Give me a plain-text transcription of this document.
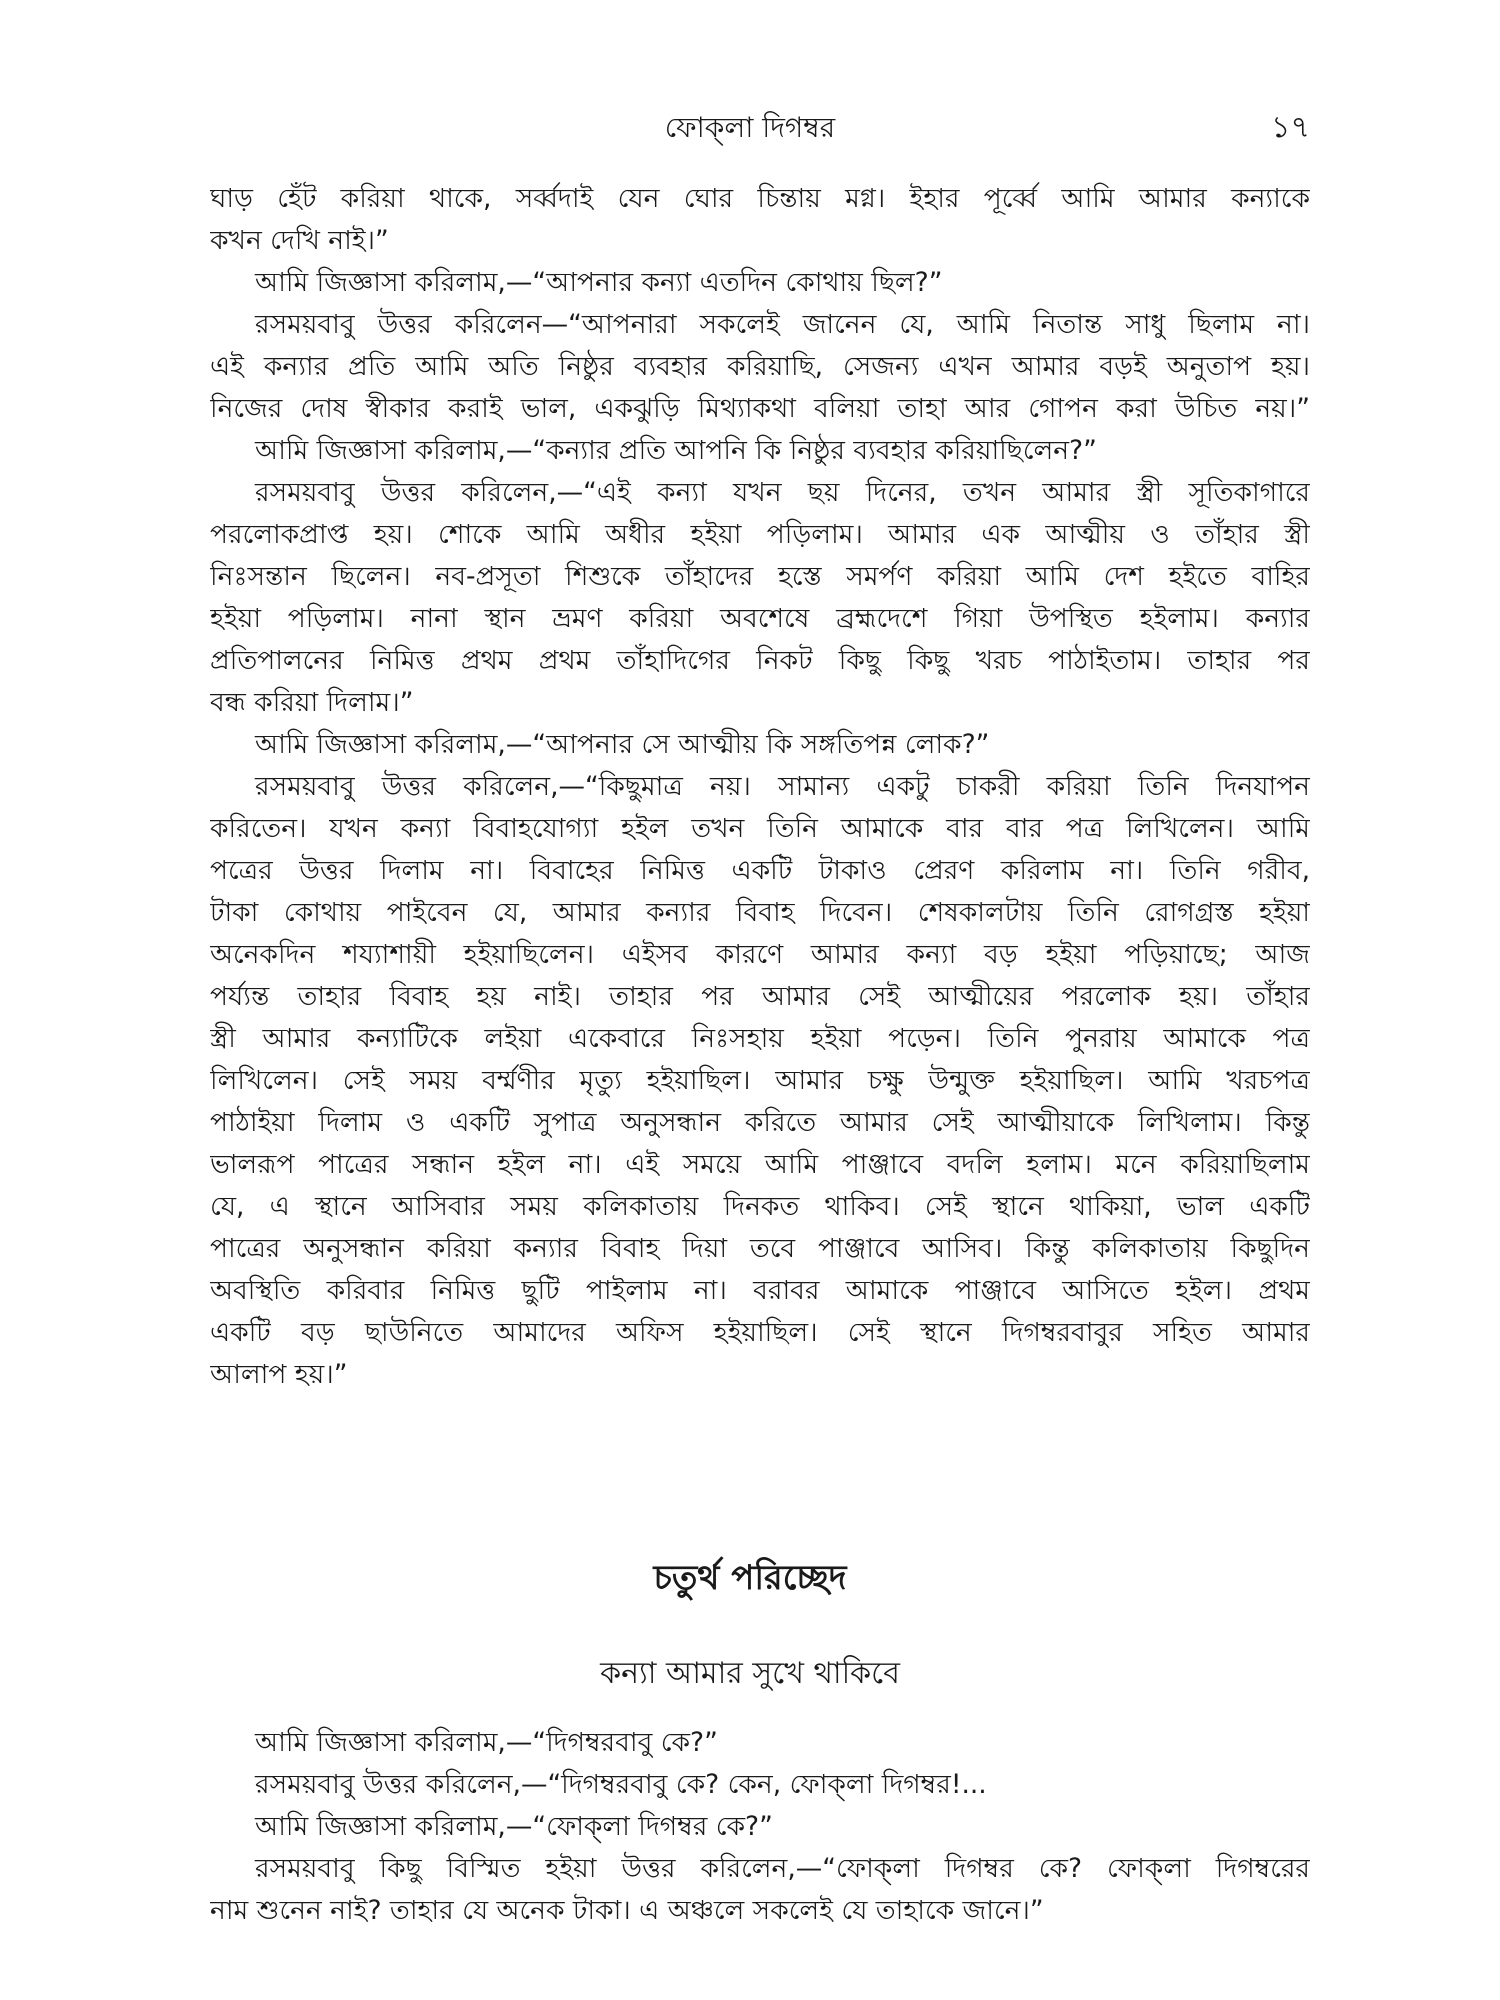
ফোক্‌লা দিগম্বর	১৭
ঘাড় হেঁট করিয়া থাকে, সর্ব্বদাই যেন ঘোর চিন্তায় মগ্ন। ইহার পূর্ব্বে আমি আমার কন্যাকে
কখন দেখি নাই।”
আমি জিজ্ঞাসা করিলাম,—“আপনার কন্যা এতদিন কোথায় ছিল?”
রসময়বাবু উত্তর করিলেন—“আপনারা সকলেই জানেন যে, আমি নিতান্ত সাধু ছিলাম না।
এই কন্যার প্রতি আমি অতি নিষ্ঠুর ব্যবহার করিয়াছি, সেজন্য এখন আমার বড়ই অনুতাপ হয়।
নিজের দোষ স্বীকার করাই ভাল, একঝুড়ি মিথ্যাকথা বলিয়া তাহা আর গোপন করা উচিত নয়।”
আমি জিজ্ঞাসা করিলাম,—“কন্যার প্রতি আপনি কি নিষ্ঠুর ব্যবহার করিয়াছিলেন?”
রসময়বাবু উত্তর করিলেন,—“এই কন্যা যখন ছয় দিনের, তখন আমার স্ত্রী সূতিকাগারে
পরলোকপ্রাপ্ত হয়। শোকে আমি অধীর হইয়া পড়িলাম। আমার এক আত্মীয় ও তাঁহার স্ত্রী
নিঃসন্তান ছিলেন। নব-প্রসূতা শিশুকে তাঁহাদের হস্তে সমর্পণ করিয়া আমি দেশ হইতে বাহির
হইয়া পড়িলাম। নানা স্থান ভ্রমণ করিয়া অবশেষে ব্রহ্মদেশে গিয়া উপস্থিত হইলাম। কন্যার
প্রতিপালনের নিমিত্ত প্রথম প্রথম তাঁহাদিগের নিকট কিছু কিছু খরচ পাঠাইতাম। তাহার পর
বন্ধ করিয়া দিলাম।”
আমি জিজ্ঞাসা করিলাম,—“আপনার সে আত্মীয় কি সঙ্গতিপন্ন লোক?”
রসময়বাবু উত্তর করিলেন,—“কিছুমাত্র নয়। সামান্য একটু চাকরী করিয়া তিনি দিনযাপন
করিতেন। যখন কন্যা বিবাহযোগ্যা হইল তখন তিনি আমাকে বার বার পত্র লিখিলেন। আমি
পত্রের উত্তর দিলাম না। বিবাহের নিমিত্ত একটি টাকাও প্রেরণ করিলাম না। তিনি গরীব,
টাকা কোথায় পাইবেন যে, আমার কন্যার বিবাহ দিবেন। শেষকালটায় তিনি রোগগ্রস্ত হইয়া
অনেকদিন শয্যাশায়ী হইয়াছিলেন। এইসব কারণে আমার কন্যা বড় হইয়া পড়িয়াছে; আজ
পর্য্যন্ত তাহার বিবাহ হয় নাই। তাহার পর আমার সেই আত্মীয়ের পরলোক হয়। তাঁহার
স্ত্রী আমার কন্যাটিকে লইয়া একেবারে নিঃসহায় হইয়া পড়েন। তিনি পুনরায় আমাকে পত্র
লিখিলেন। সেই সময় বর্ম্মণীর মৃত্যু হইয়াছিল। আমার চক্ষু উন্মুক্ত হইয়াছিল। আমি খরচপত্র
পাঠাইয়া দিলাম ও একটি সুপাত্র অনুসন্ধান করিতে আমার সেই আত্মীয়াকে লিখিলাম। কিন্তু
ভালরূপ পাত্রের সন্ধান হইল না। এই সময়ে আমি পাঞ্জাবে বদলি হলাম। মনে করিয়াছিলাম
যে, এ স্থানে আসিবার সময় কলিকাতায় দিনকত থাকিব। সেই স্থানে থাকিয়া, ভাল একটি
পাত্রের অনুসন্ধান করিয়া কন্যার বিবাহ দিয়া তবে পাঞ্জাবে আসিব। কিন্তু কলিকাতায় কিছুদিন
অবস্থিতি করিবার নিমিত্ত ছুটি পাইলাম না। বরাবর আমাকে পাঞ্জাবে আসিতে হইল। প্রথম
একটি বড় ছাউনিতে আমাদের অফিস হইয়াছিল। সেই স্থানে দিগম্বরবাবুর সহিত আমার
আলাপ হয়।”
চতুর্থ পরিচ্ছেদ
কন্যা আমার সুখে থাকিবে
আমি জিজ্ঞাসা করিলাম,—“দিগম্বরবাবু কে?”
রসময়বাবু উত্তর করিলেন,—“দিগম্বরবাবু কে? কেন, ফোক্‌লা দিগম্বর!...
আমি জিজ্ঞাসা করিলাম,—“ফোক্‌লা দিগম্বর কে?”
রসময়বাবু কিছু বিস্মিত হইয়া উত্তর করিলেন,—“ফোক্‌লা দিগম্বর কে? ফোক্‌লা দিগম্বরের
নাম শুনেন নাই? তাহার যে অনেক টাকা। এ অঞ্চলে সকলেই যে তাহাকে জানে।”
